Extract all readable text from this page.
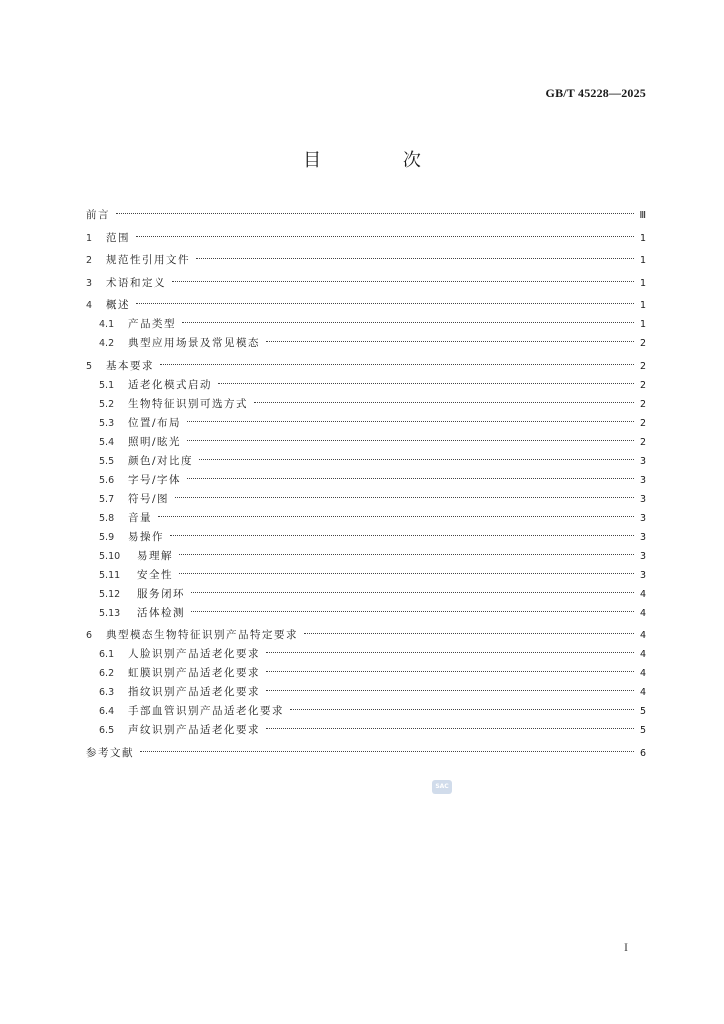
GB/T 45228—2025
目 次
前言	Ⅲ
1	范围	1
2	规范性引用文件	1
3	术语和定义	1
4	概述	1
4.1	产品类型	1
4.2	典型应用场景及常见模态	2
5	基本要求	2
5.1	适老化模式启动	2
5.2	生物特征识别可选方式	2
5.3	位置/布局	2
5.4	照明/眩光	2
5.5	颜色/对比度	3
5.6	字号/字体	3
5.7	符号/图	3
5.8	音量	3
5.9	易操作	3
5.10	易理解	3
5.11	安全性	3
5.12	服务闭环	4
5.13	活体检测	4
6	典型模态生物特征识别产品特定要求	4
6.1	人脸识别产品适老化要求	4
6.2	虹膜识别产品适老化要求	4
6.3	指纹识别产品适老化要求	4
6.4	手部血管识别产品适老化要求	5
6.5	声纹识别产品适老化要求	5
参考文献	6
SAC
I
